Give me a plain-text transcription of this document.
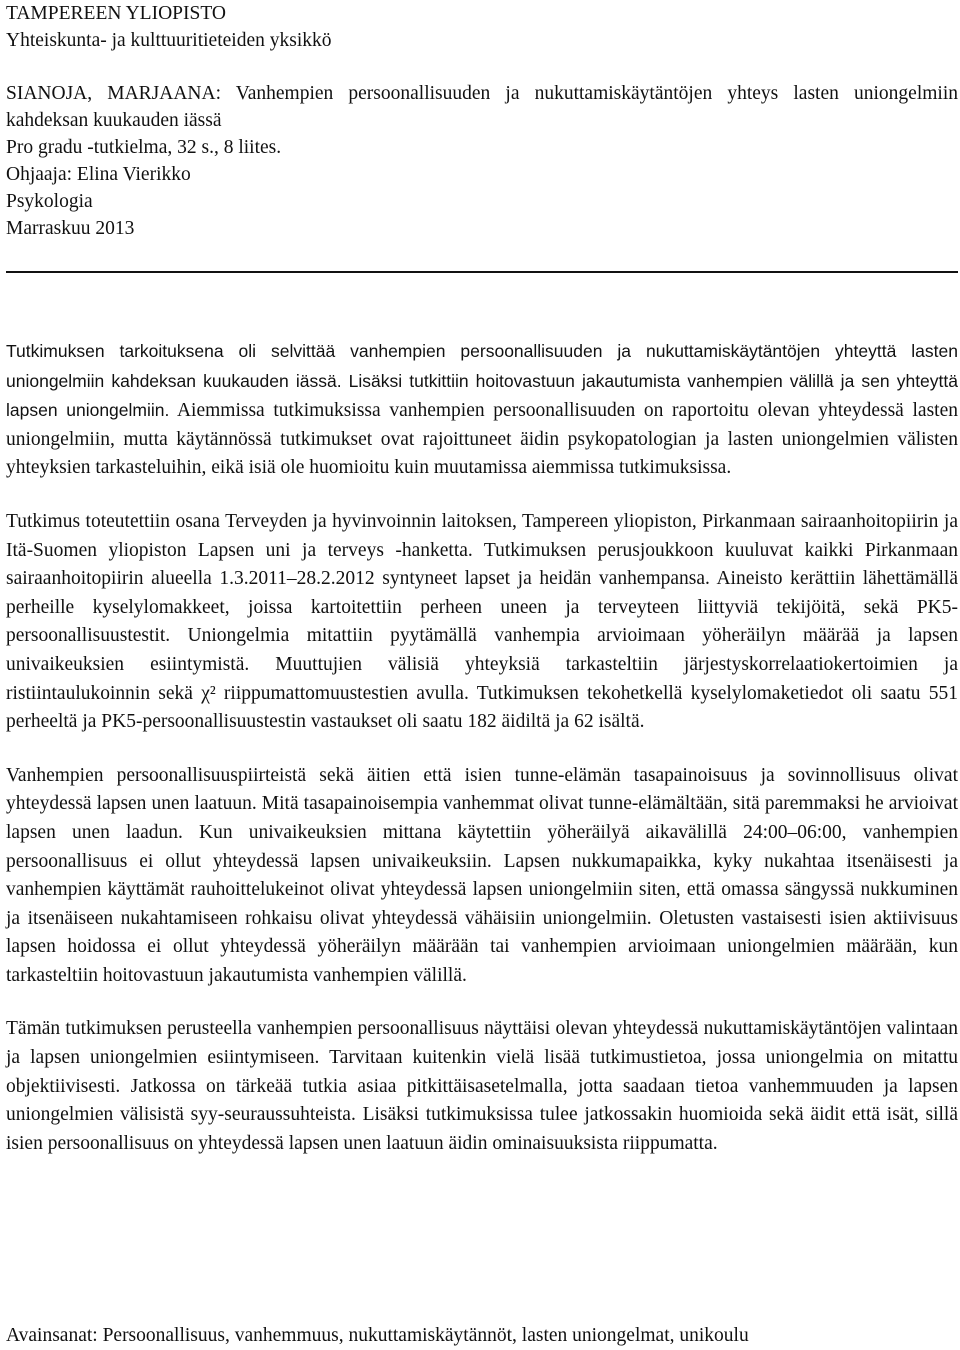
TAMPEREEN YLIOPISTO
Yhteiskunta- ja kulttuuritieteiden yksikkö
SIANOJA, MARJAANA: Vanhempien persoonallisuuden ja nukuttamiskäytäntöjen yhteys lasten uniongelmiin kahdeksan kuukauden iässä
Pro gradu -tutkielma, 32 s., 8 liites.
Ohjaaja: Elina Vierikko
Psykologia
Marraskuu 2013

Tutkimuksen tarkoituksena oli selvittää vanhempien persoonallisuuden ja nukuttamiskäytäntöjen yhteyttä lasten uniongelmiin kahdeksan kuukauden iässä. Lisäksi tutkittiin hoitovastuun jakautumista vanhempien välillä ja sen yhteyttä lapsen uniongelmiin. Aiemmissa tutkimuksissa vanhempien persoonallisuuden on raportoitu olevan yhteydessä lasten uniongelmiin, mutta käytännössä tutkimukset ovat rajoittuneet äidin psykopatologian ja lasten uniongelmien välisten yhteyksien tarkasteluihin, eikä isiä ole huomioitu kuin muutamissa aiemmissa tutkimuksissa.

Tutkimus toteutettiin osana Terveyden ja hyvinvoinnin laitoksen, Tampereen yliopiston, Pirkanmaan sairaanhoitopiirin ja Itä-Suomen yliopiston Lapsen uni ja terveys -hanketta. Tutkimuksen perusjoukkoon kuuluvat kaikki Pirkanmaan sairaanhoitopiirin alueella 1.3.2011–28.2.2012 syntyneet lapset ja heidän vanhempansa. Aineisto kerättiin lähettämällä perheille kyselylomakkeet, joissa kartoitettiin perheen uneen ja terveyteen liittyviä tekijöitä, sekä PK5-persoonallisuustestit. Uniongelmia mitattiin pyytämällä vanhempia arvioimaan yöheräilyn määrää ja lapsen univaikeuksien esiintymistä. Muuttujien välisiä yhteyksiä tarkasteltiin järjestyskorrelaatiokertoimien ja ristiintaulukoinnin sekä χ² riippumattomuustestien avulla. Tutkimuksen tekohetkellä kyselylomaketiedot oli saatu 551 perheeltä ja PK5-persoonallisuustestin vastaukset oli saatu 182 äidiltä ja 62 isältä.

Vanhempien persoonallisuuspiirteistä sekä äitien että isien tunne-elämän tasapainoisuus ja sovinnollisuus olivat yhteydessä lapsen unen laatuun. Mitä tasapainoisempia vanhemmat olivat tunne-elämältään, sitä paremmaksi he arvioivat lapsen unen laadun. Kun univaikeuksien mittana käytettiin yöheräilyä aikavälillä 24:00–06:00, vanhempien persoonallisuus ei ollut yhteydessä lapsen univaikeuksiin. Lapsen nukkumapaikka, kyky nukahtaa itsenäisesti ja vanhempien käyttämät rauhoittelukeinot olivat yhteydessä lapsen uniongelmiin siten, että omassa sängyssä nukkuminen ja itsenäiseen nukahtamiseen rohkaisu olivat yhteydessä vähäisiin uniongelmiin. Oletusten vastaisesti isien aktiivisuus lapsen hoidossa ei ollut yhteydessä yöheräilyn määrään tai vanhempien arvioimaan uniongelmien määrään, kun tarkasteltiin hoitovastuun jakautumista vanhempien välillä.

Tämän tutkimuksen perusteella vanhempien persoonallisuus näyttäisi olevan yhteydessä nukuttamiskäytäntöjen valintaan ja lapsen uniongelmien esiintymiseen. Tarvitaan kuitenkin vielä lisää tutkimustietoa, jossa uniongelmia on mitattu objektiivisesti. Jatkossa on tärkeää tutkia asiaa pitkittäisasetelmalla, jotta saadaan tietoa vanhemmuuden ja lapsen uniongelmien välisistä syy-seuraussuhteista. Lisäksi tutkimuksissa tulee jatkossakin huomioida sekä äidit että isät, sillä isien persoonallisuus on yhteydessä lapsen unen laatuun äidin ominaisuuksista riippumatta.

Avainsanat: Persoonallisuus, vanhemmuus, nukuttamiskäytännöt, lasten uniongelmat, unikoulu
